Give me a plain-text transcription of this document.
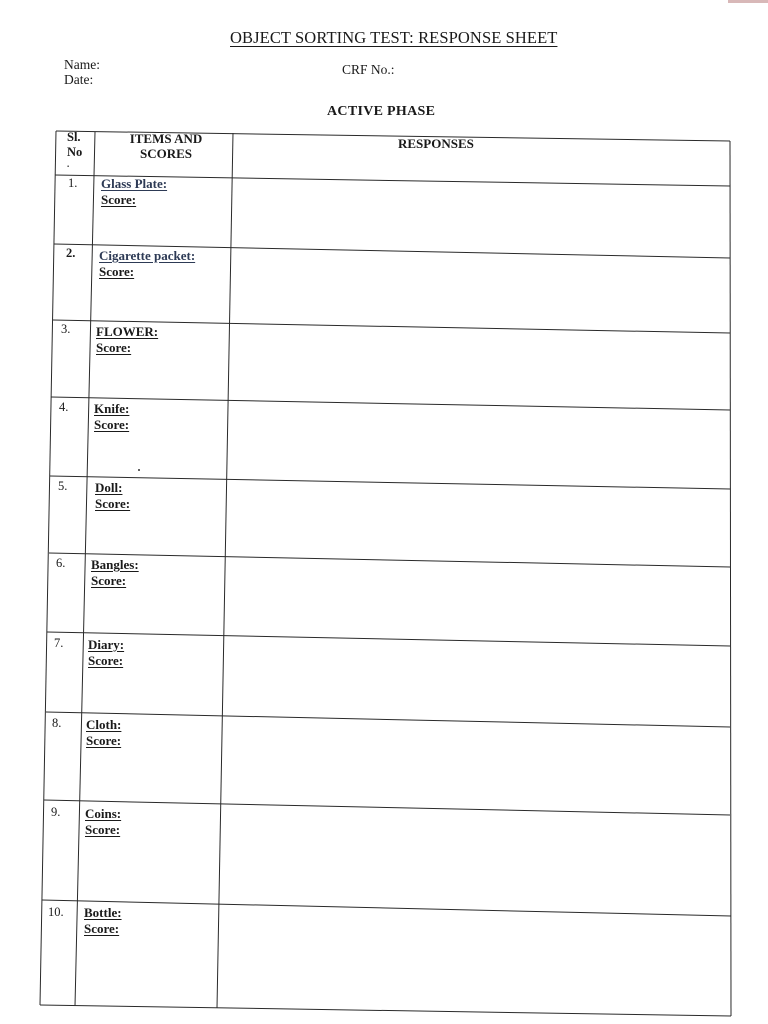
OBJECT SORTING TEST: RESPONSE SHEET
Name:
Date:
CRF No.:
ACTIVE PHASE
Sl.
No
.
ITEMS AND
SCORES
RESPONSES
1. Glass Plate:
Score:
2. Cigarette packet:
Score:
3. FLOWER:
Score:
4. Knife:
Score:
5. Doll:
Score:
6. Bangles:
Score:
7. Diary:
Score:
8. Cloth:
Score:
9. Coins:
Score:
10. Bottle:
Score:
